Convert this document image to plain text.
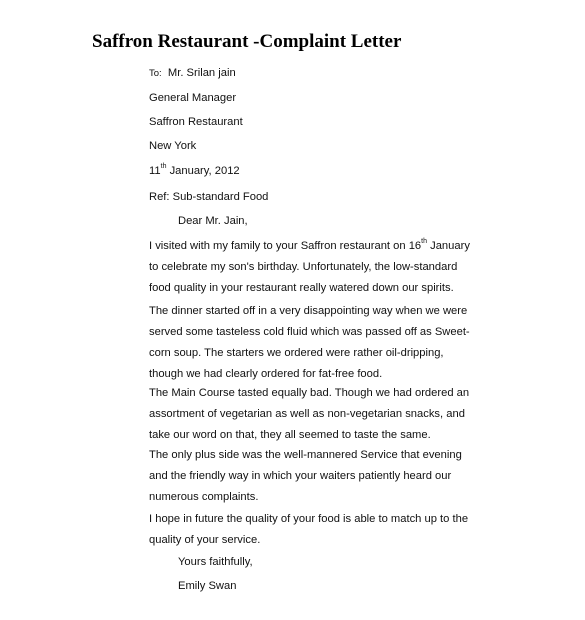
Saffron Restaurant -Complaint Letter
To: Mr. Srilan jain
General Manager
Saffron Restaurant
New York
11th January, 2012
Ref: Sub-standard Food
Dear Mr. Jain,
I visited with my family to your Saffron restaurant on 16th January
to celebrate my son's birthday. Unfortunately, the low-standard
food quality in your restaurant really watered down our spirits.
The dinner started off in a very disappointing way when we were
served some tasteless cold fluid which was passed off as Sweet-
corn soup. The starters we ordered were rather oil-dripping,
though we had clearly ordered for fat-free food.
The Main Course tasted equally bad. Though we had ordered an
assortment of vegetarian as well as non-vegetarian snacks, and
take our word on that, they all seemed to taste the same.
The only plus side was the well-mannered Service that evening
and the friendly way in which your waiters patiently heard our
numerous complaints.
I hope in future the quality of your food is able to match up to the
quality of your service.
Yours faithfully,
Emily Swan
